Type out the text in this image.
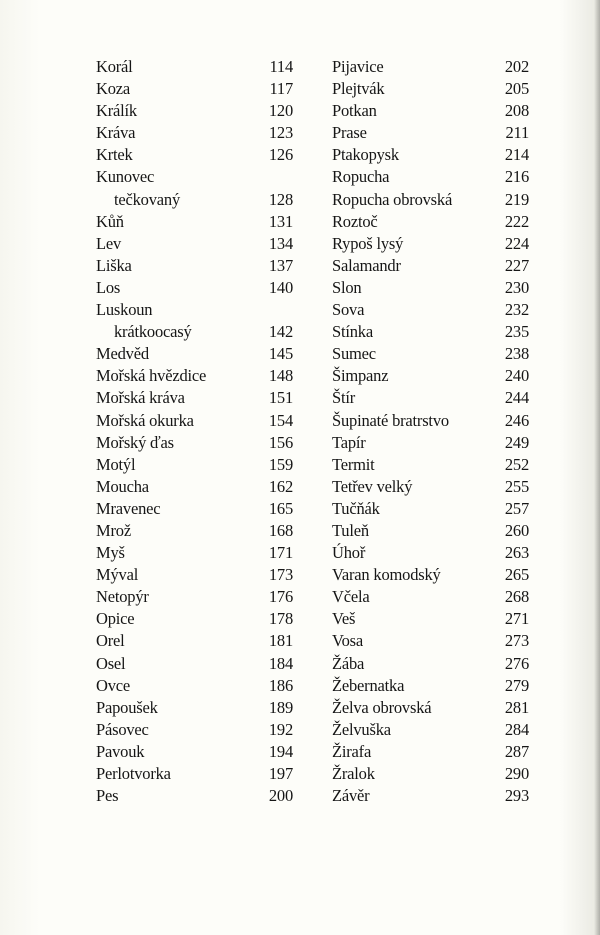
Korál	114
Koza	117
Králík	120
Kráva	123
Krtek	126
Kunovec
tečkovaný	128
Kůň	131
Lev	134
Liška	137
Los	140
Luskoun
krátkoocasý	142
Medvěd	145
Mořská hvězdice	148
Mořská kráva	151
Mořská okurka	154
Mořský ďas	156
Motýl	159
Moucha	162
Mravenec	165
Mrož	168
Myš	171
Mýval	173
Netopýr	176
Opice	178
Orel	181
Osel	184
Ovce	186
Papoušek	189
Pásovec	192
Pavouk	194
Perlotvorka	197
Pes	200
Pijavice	202
Plejtvák	205
Potkan	208
Prase	211
Ptakopysk	214
Ropucha	216
Ropucha obrovská	219
Roztoč	222
Rypoš lysý	224
Salamandr	227
Slon	230
Sova	232
Stínka	235
Sumec	238
Šimpanz	240
Štír	244
Šupinaté bratrstvo	246
Tapír	249
Termit	252
Tetřev velký	255
Tučňák	257
Tuleň	260
Úhoř	263
Varan komodský	265
Včela	268
Veš	271
Vosa	273
Žába	276
Žebernatka	279
Želva obrovská	281
Želvuška	284
Žirafa	287
Žralok	290
Závěr	293
